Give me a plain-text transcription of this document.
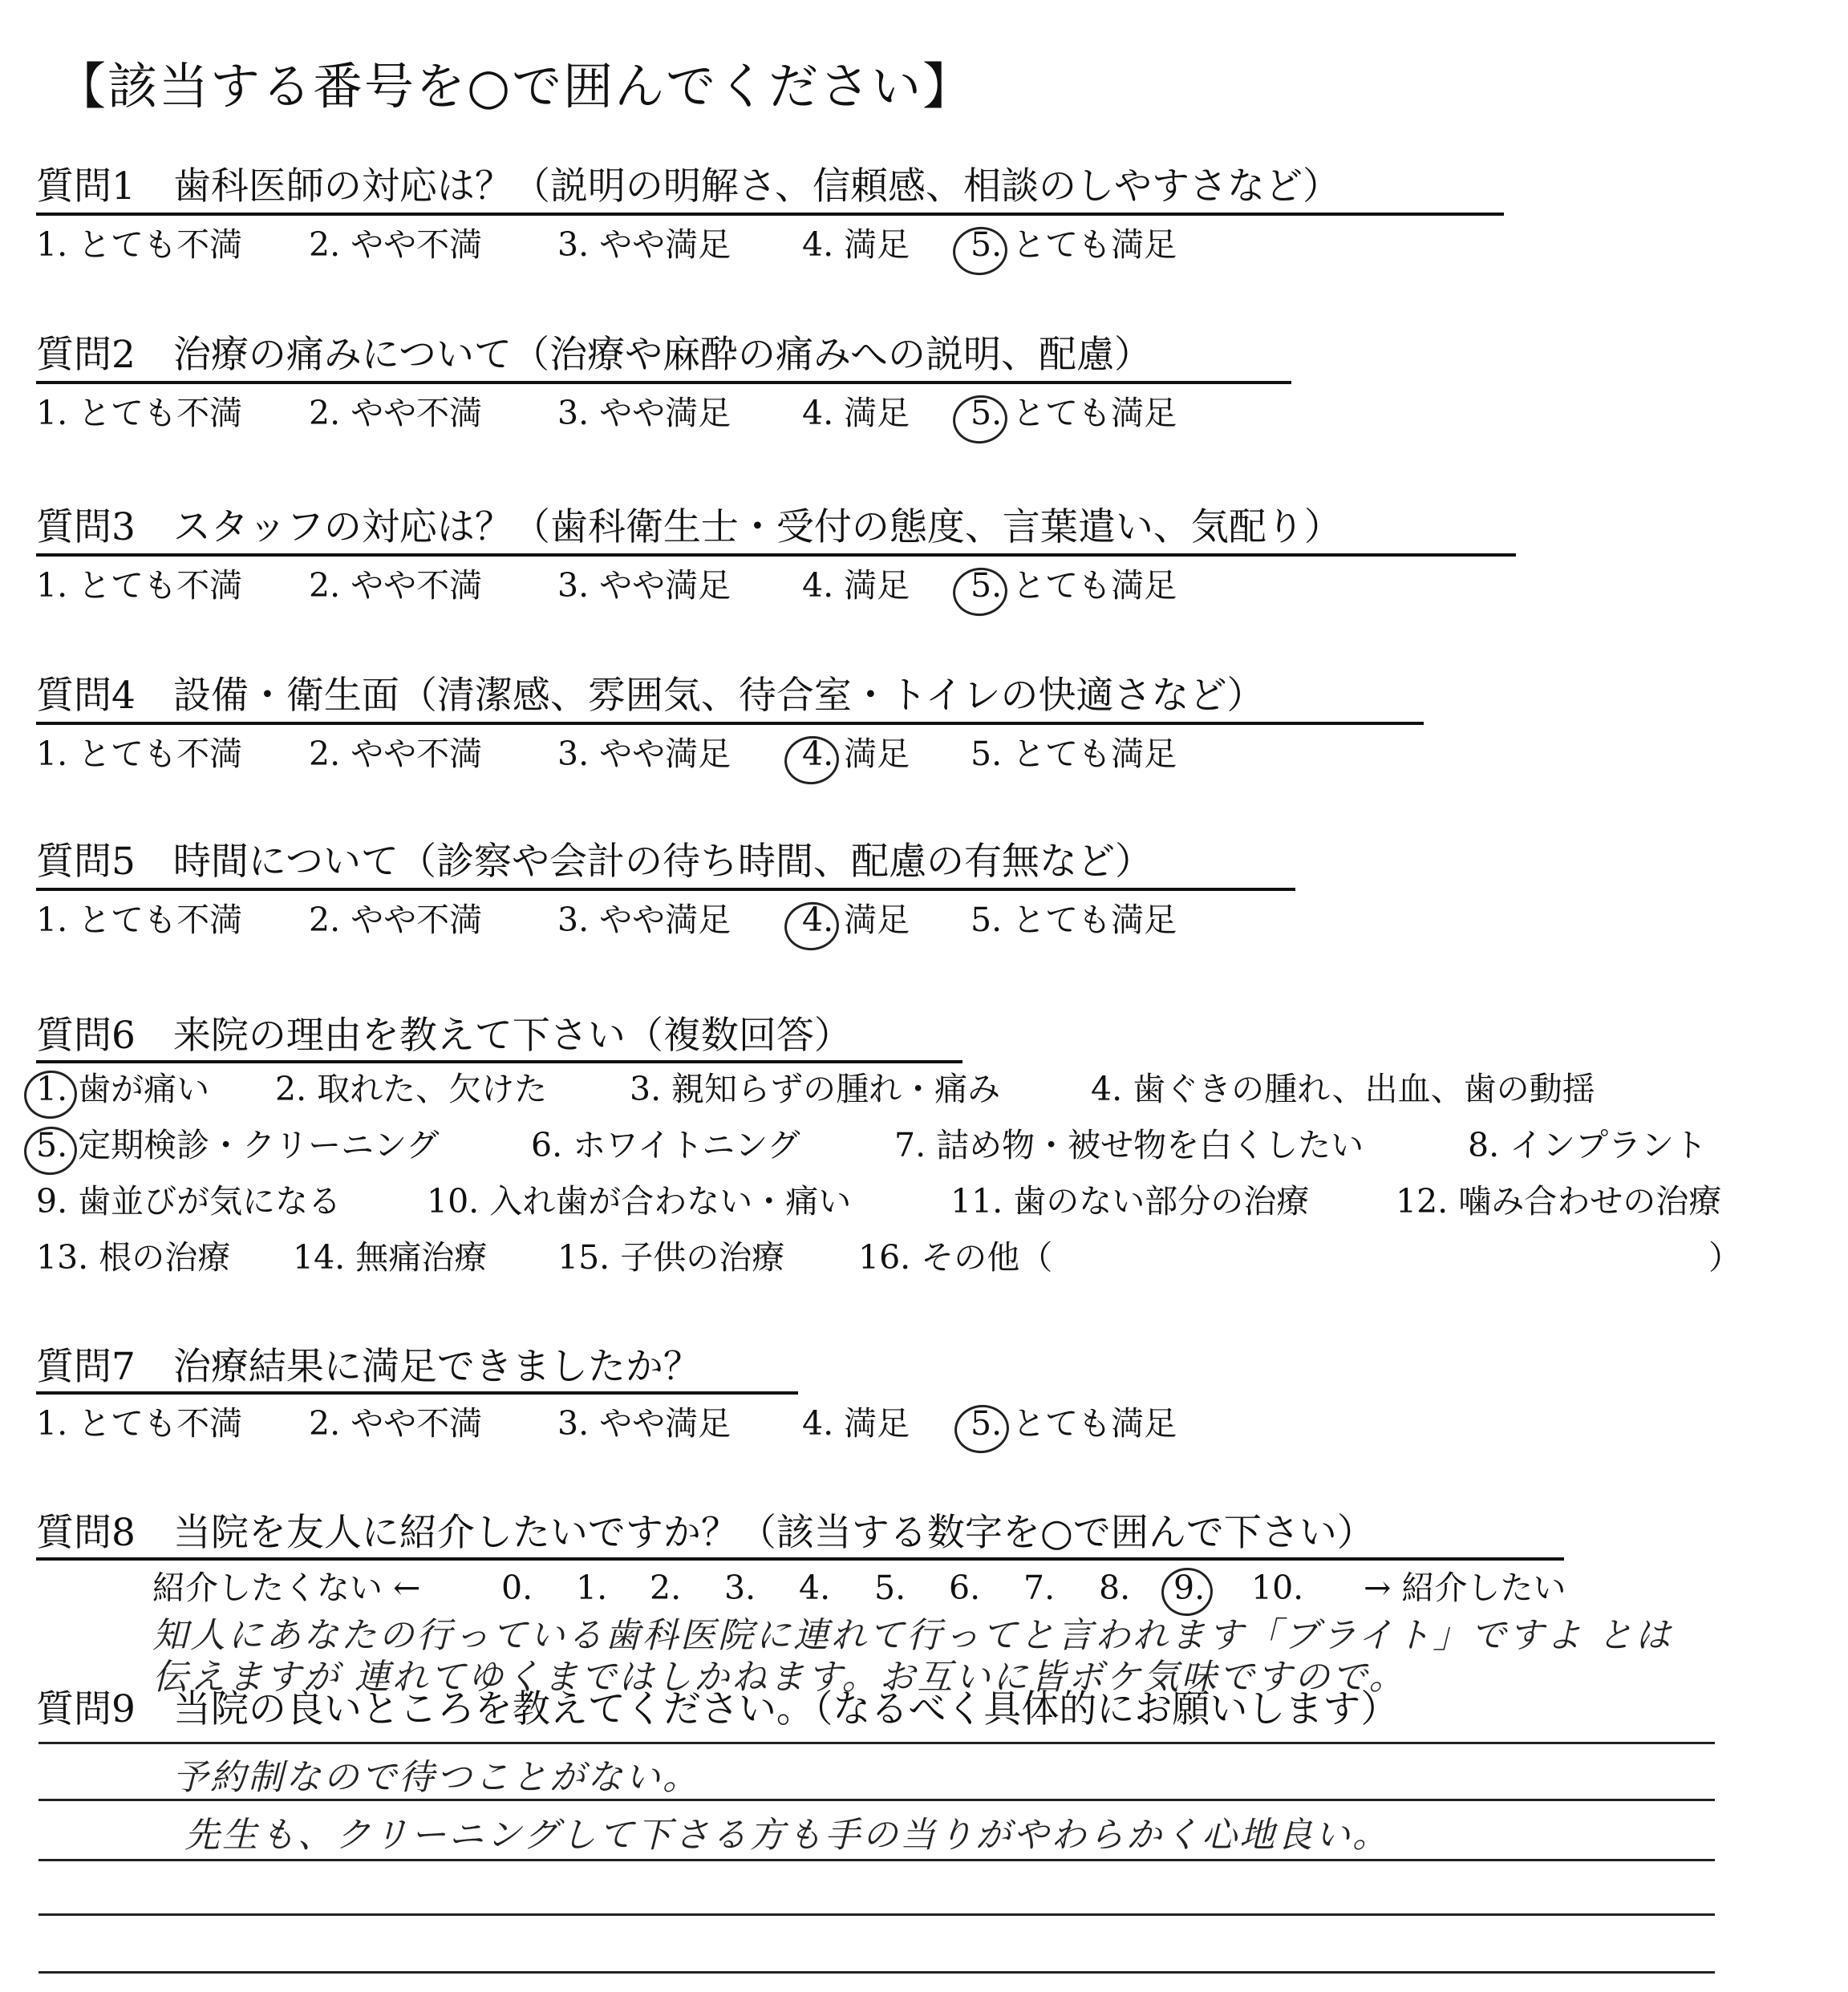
【該当する番号を○で囲んでください】
質問1　歯科医師の対応は？（説明の明解さ、信頼感、相談のしやすさなど）
1. とても不満 2. やや不満 3. やや満足 4. 満足 5. とても満足
質問2　治療の痛みについて（治療や麻酔の痛みへの説明、配慮）
1. とても不満 2. やや不満 3. やや満足 4. 満足 5. とても満足
質問3　スタッフの対応は？（歯科衛生士・受付の態度、言葉遣い、気配り）
1. とても不満 2. やや不満 3. やや満足 4. 満足 5. とても満足
質問4　設備・衛生面（清潔感、雰囲気、待合室・トイレの快適さなど）
1. とても不満 2. やや不満 3. やや満足 4. 満足 5. とても満足
質問5　時間について（診察や会計の待ち時間、配慮の有無など）
1. とても不満 2. やや不満 3. やや満足 4. 満足 5. とても満足
質問6　来院の理由を教えて下さい（複数回答）
1. 歯が痛い 2. 取れた、欠けた	3. 親知らずの腫れ・痛み	4. 歯ぐきの腫れ、出血、歯の動揺
5. 定期検診・クリーニング	6. ホワイトニング	7. 詰め物・被せ物を白くしたい	8. インプラント
9. 歯並びが気になる	10. 入れ歯が合わない・痛い	11. 歯のない部分の治療	12. 噛み合わせの治療
13. 根の治療 14. 無痛治療 15. 子供の治療 16. その他（	）
質問7　治療結果に満足できましたか？
1. とても不満 2. やや不満 3. やや満足 4. 満足 5. とても満足
質問8　当院を友人に紹介したいですか？（該当する数字を○で囲んで下さい）
紹介したくない ← 0. 1. 2. 3. 4. 5. 6. 7. 8. 9. 10. → 紹介したい
知人にあなたの行っている歯科医院に連れて行ってと言われます「ブライト」ですよ とは
伝えますが 連れてゆくまではしかねます。お互いに皆ボケ気味ですので。
質問9　当院の良いところを教えてください。（なるべく具体的にお願いします）
予約制なので待つことがない。
先生も、クリーニングして下さる方も手の当りがやわらかく心地良い。
